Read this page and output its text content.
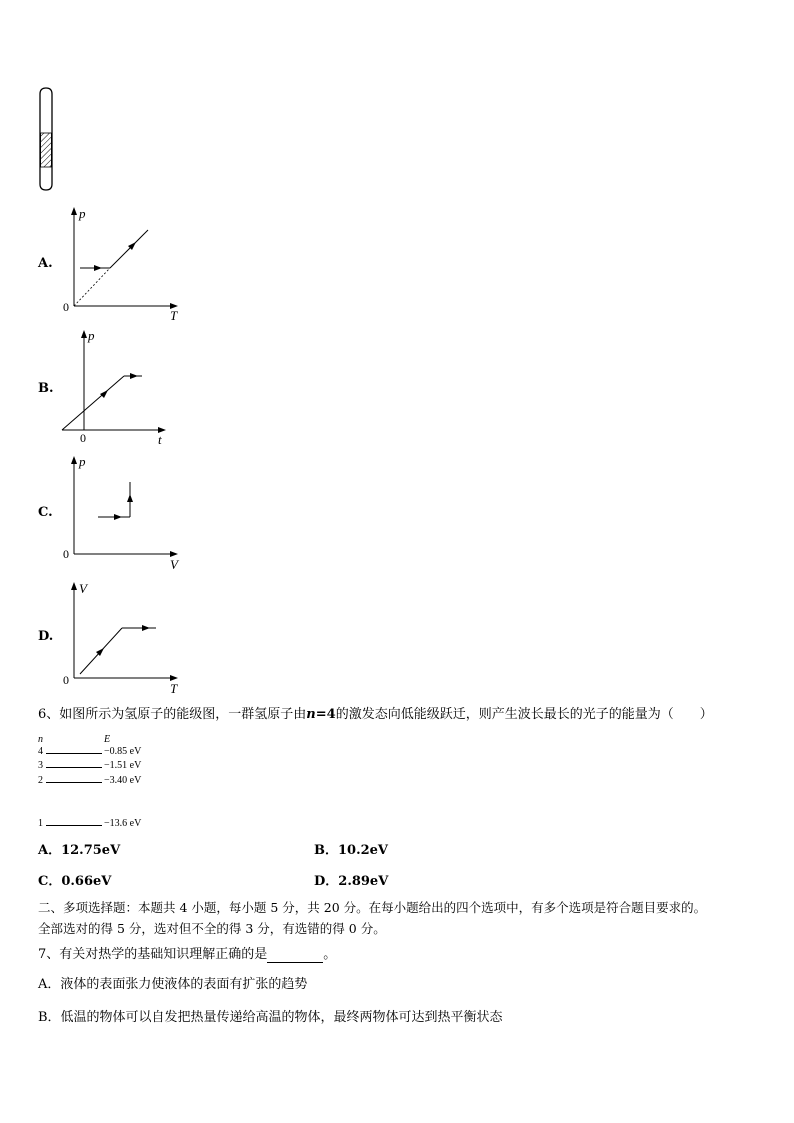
A.
p
T
0
B.
p
t
0
C.
p
V
0
D.
V
T
0
6、如图所示为氢原子的能级图，一群氢原子由n=4的激发态向低能级跃迁，则产生波长最长的光子的能量为（　　）
n	E
4	−0.85 eV
3	−1.51 eV
2	−3.40 eV
1	−13.6 eV
A．12.75eV	B．10.2eV
C．0.66eV	D．2.89eV
二、多项选择题：本题共 4 小题，每小题 5 分，共 20 分。在每小题给出的四个选项中，有多个选项是符合题目要求的。
全部选对的得 5 分，选对但不全的得 3 分，有选错的得 0 分。
7、有关对热学的基础知识理解正确的是	。
A．液体的表面张力使液体的表面有扩张的趋势
B．低温的物体可以自发把热量传递给高温的物体，最终两物体可达到热平衡状态
